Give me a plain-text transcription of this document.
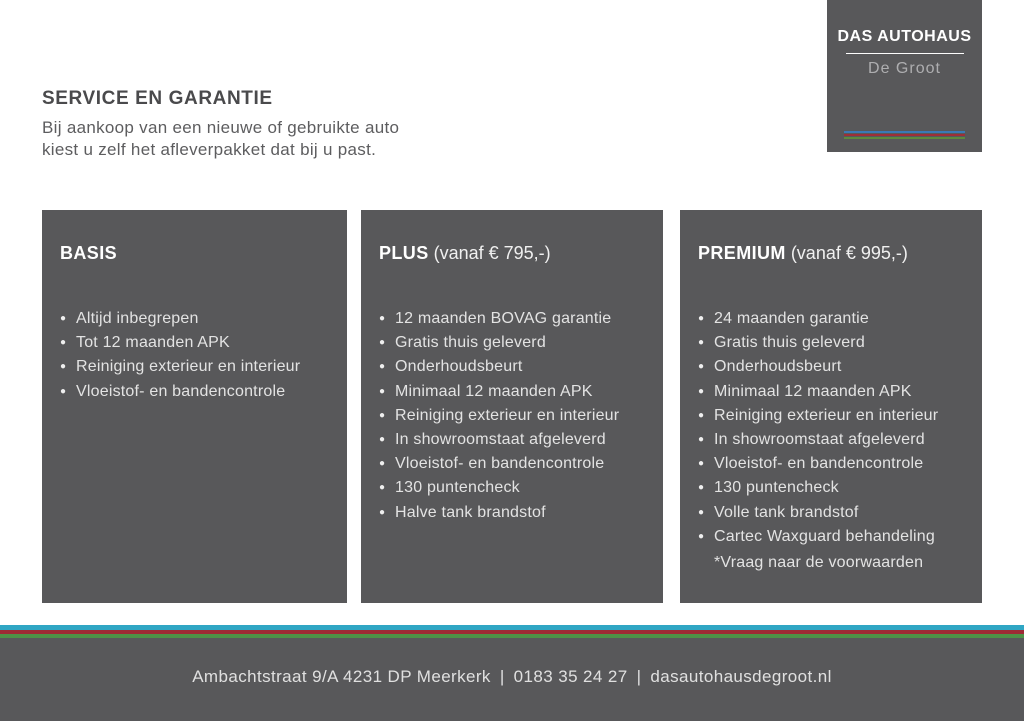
DAS AUTOHAUS
De Groot
SERVICE EN GARANTIE

Bij aankoop van een nieuwe of gebruikte auto
kiest u zelf het afleverpakket dat bij u past.

BASIS
● Altijd inbegrepen
● Tot 12 maanden APK
● Reiniging exterieur en interieur
● Vloeistof- en bandencontrole
PLUS (vanaf € 795,-)
● 12 maanden BOVAG garantie
● Gratis thuis geleverd
● Onderhoudsbeurt
● Minimaal 12 maanden APK
● Reiniging exterieur en interieur
● In showroomstaat afgeleverd
● Vloeistof- en bandencontrole
● 130 puntencheck
● Halve tank brandstof
PREMIUM (vanaf € 995,-)
● 24 maanden garantie
● Gratis thuis geleverd
● Onderhoudsbeurt
● Minimaal 12 maanden APK
● Reiniging exterieur en interieur
● In showroomstaat afgeleverd
● Vloeistof- en bandencontrole
● 130 puntencheck
● Volle tank brandstof
● Cartec Waxguard behandeling
*Vraag naar de voorwaarden
Ambachtstraat 9/A 4231 DP Meerkerk | 0183 35 24 27 | dasautohausdegroot.nl
